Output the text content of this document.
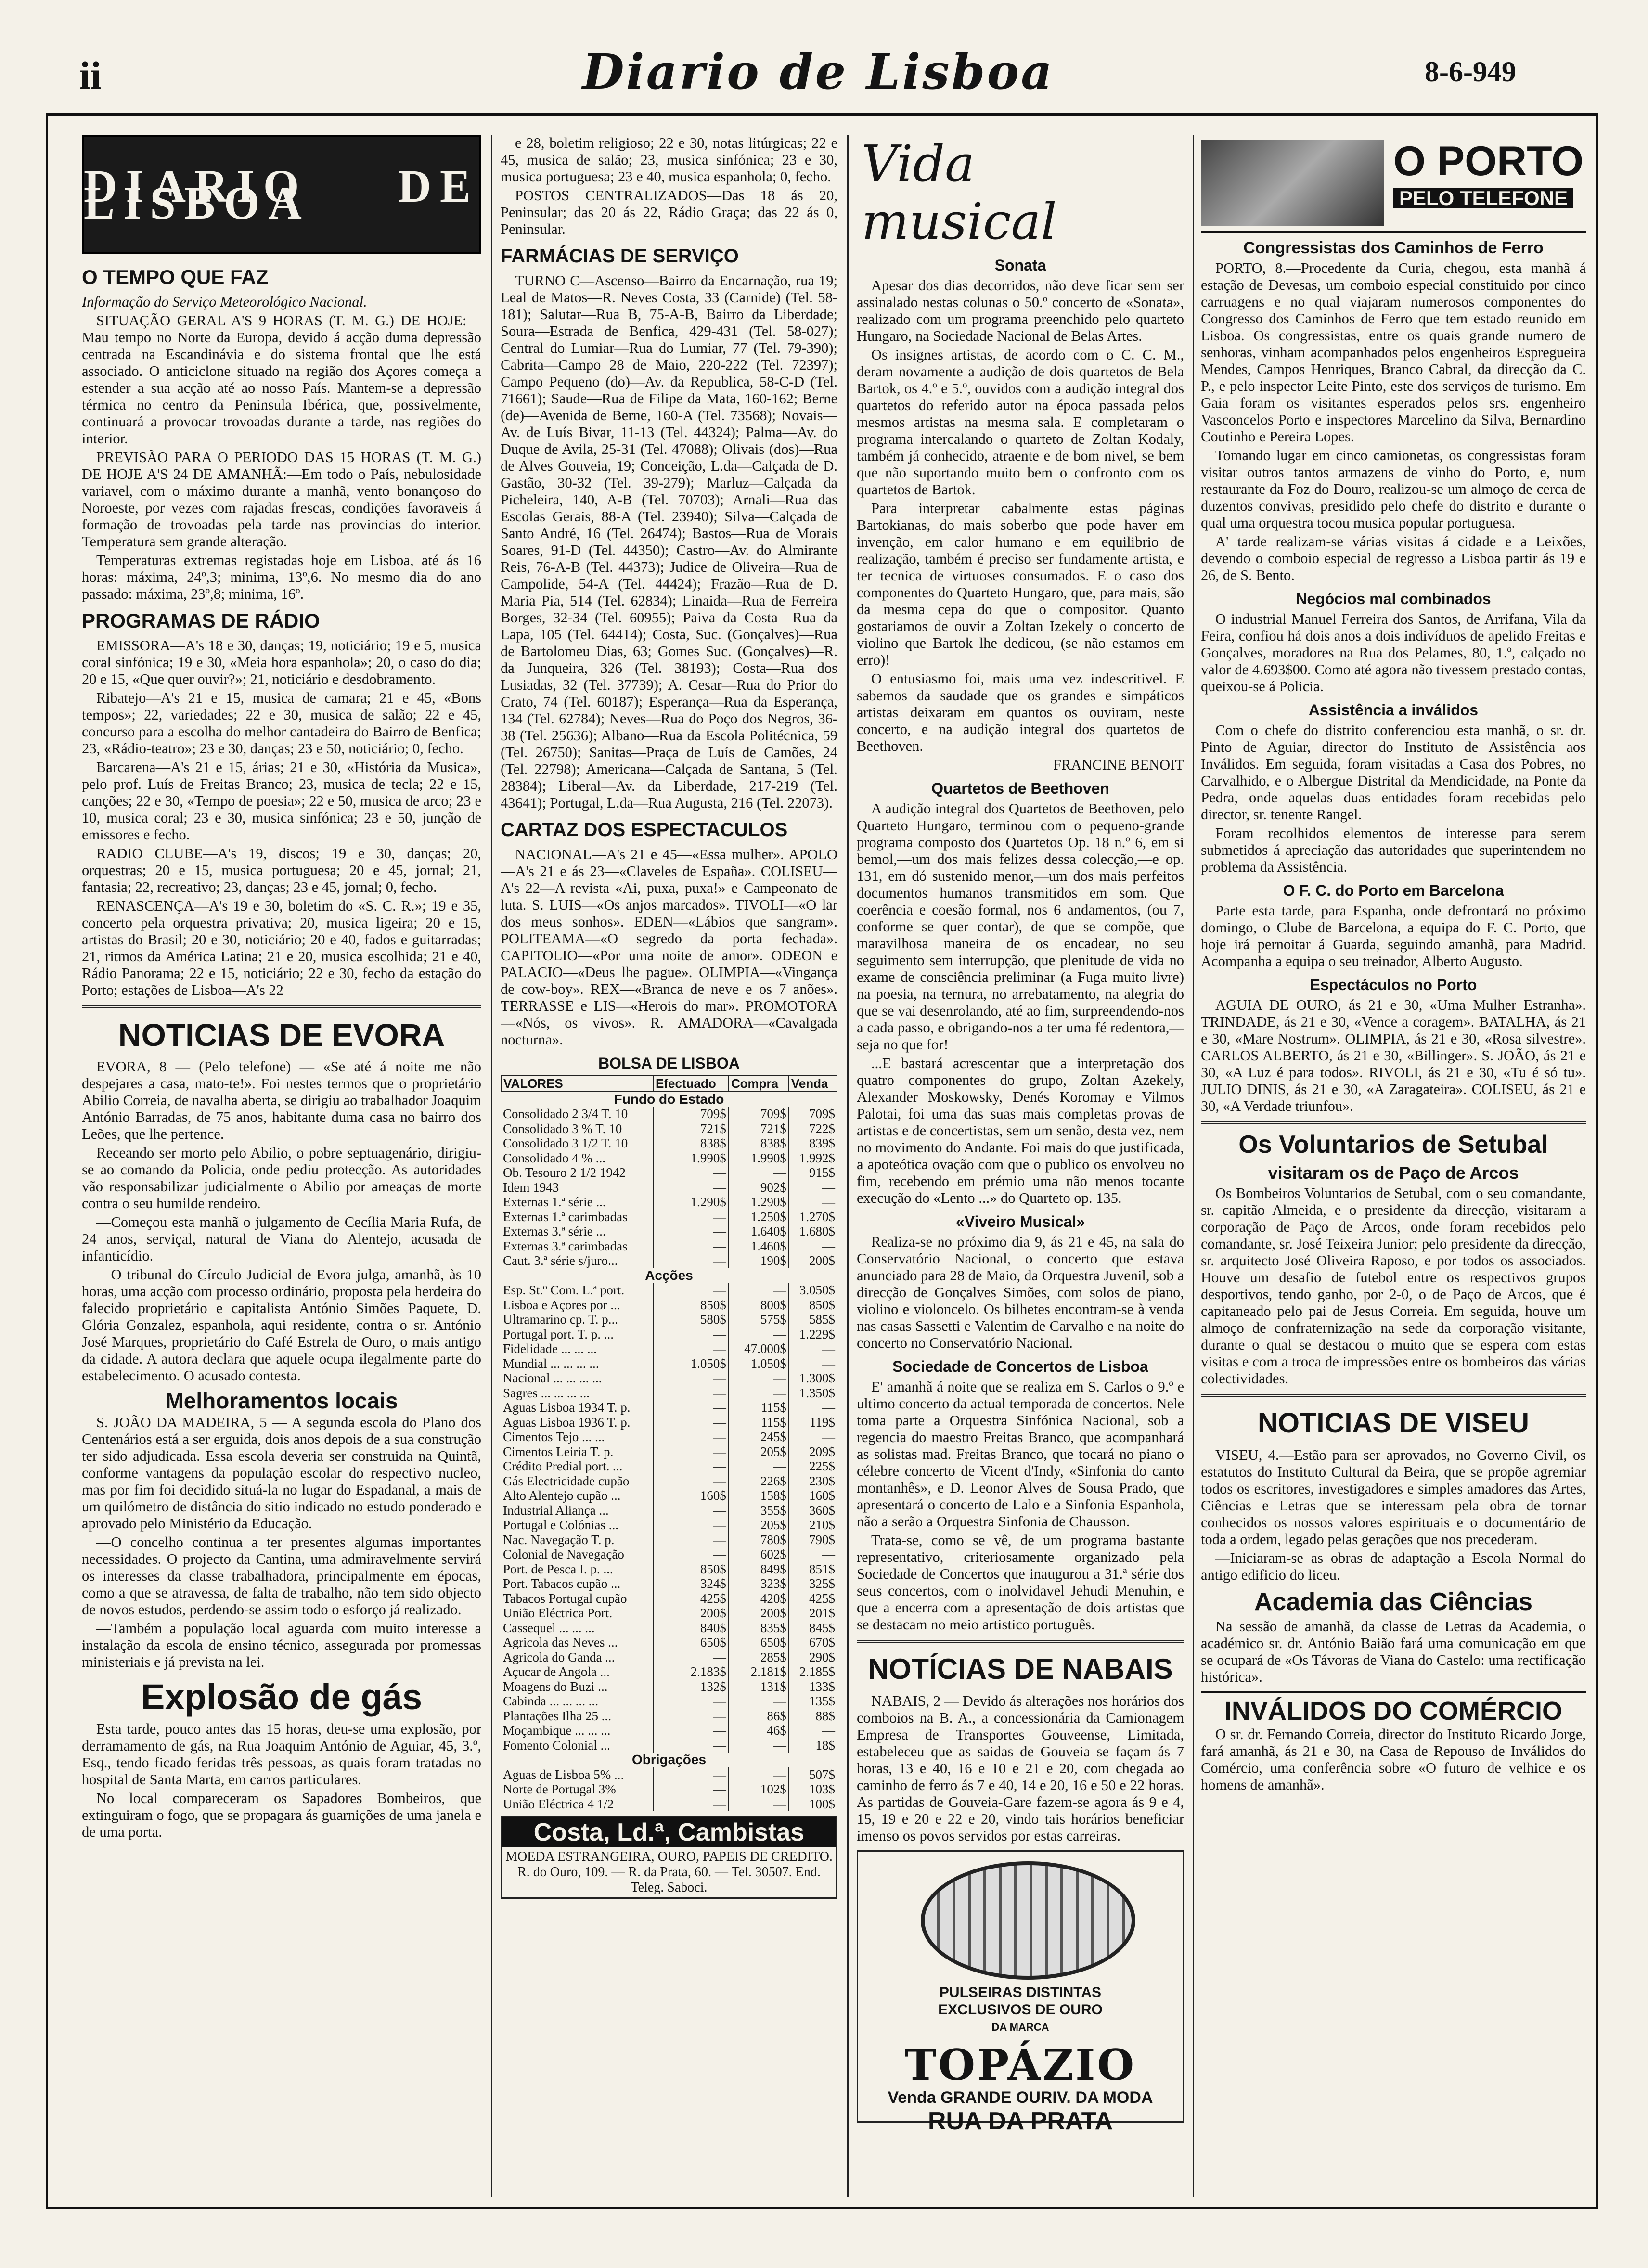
ii	Diario de Lisboa	8-6-949
DIARIO DE LISBOA
O TEMPO QUE FAZ

Informação do Serviço Meteorológico Nacional.

SITUAÇÃO GERAL A'S 9 HORAS (T. M. G.) DE HOJE:—Mau tempo no Norte da Europa, devido á acção duma depressão centrada na Escandinávia e do sistema frontal que lhe está associado. O anticiclone situado na região dos Açores começa a estender a sua acção até ao nosso País. Mantem-se a depressão térmica no centro da Peninsula Ibérica, que, possivelmente, continuará a provocar trovoadas durante a tarde, nas regiões do interior.

PREVISÃO PARA O PERIODO DAS 15 HORAS (T. M. G.) DE HOJE A'S 24 DE AMANHÃ:—Em todo o País, nebulosidade variavel, com o máximo durante a manhã, vento bonançoso do Noroeste, por vezes com rajadas frescas, condições favoraveis á formação de trovoadas pela tarde nas provincias do interior. Temperatura sem grande alteração.

Temperaturas extremas registadas hoje em Lisboa, até ás 16 horas: máxima, 24º,3; minima, 13º,6. No mesmo dia do ano passado: máxima, 23º,8; minima, 16º.

PROGRAMAS DE RÁDIO

EMISSORA—A's 18 e 30, danças; 19, noticiário; 19 e 5, musica coral sinfónica; 19 e 30, «Meia hora espanhola»; 20, o caso do dia; 20 e 15, «Que quer ouvir?»; 21, noticiário e desdobramento.

Ribatejo—A's 21 e 15, musica de camara; 21 e 45, «Bons tempos»; 22, variedades; 22 e 30, musica de salão; 22 e 45, concurso para a escolha do melhor cantadeira do Bairro de Benfica; 23, «Rádio-teatro»; 23 e 30, danças; 23 e 50, noticiário; 0, fecho.

Barcarena—A's 21 e 15, árias; 21 e 30, «História da Musica», pelo prof. Luís de Freitas Branco; 23, musica de tecla; 22 e 15, canções; 22 e 30, «Tempo de poesia»; 22 e 50, musica de arco; 23 e 10, musica coral; 23 e 30, musica sinfónica; 23 e 50, junção de emissores e fecho.

RADIO CLUBE—A's 19, discos; 19 e 30, danças; 20, orquestras; 20 e 15, musica portuguesa; 20 e 45, jornal; 21, fantasia; 22, recreativo; 23, danças; 23 e 45, jornal; 0, fecho.

RENASCENÇA—A's 19 e 30, boletim do «S. C. R.»; 19 e 35, concerto pela orquestra privativa; 20, musica ligeira; 20 e 15, artistas do Brasil; 20 e 30, noticiário; 20 e 40, fados e guitarradas; 21, ritmos da América Latina; 21 e 20, musica escolhida; 21 e 40, Rádio Panorama; 22 e 15, noticiário; 22 e 30, fecho da estação do Porto; estações de Lisboa—A's 22

NOTICIAS DE EVORA

EVORA, 8 — (Pelo telefone) — «Se até á noite me não despejares a casa, mato-te!». Foi nestes termos que o proprietário Abilio Correia, de navalha aberta, se dirigiu ao trabalhador Joaquim António Barradas, de 75 anos, habitante duma casa no bairro dos Leões, que lhe pertence.

Receando ser morto pelo Abilio, o pobre septuagenário, dirigiu-se ao comando da Policia, onde pediu protecção. As autoridades vão responsabilizar judicialmente o Abilio por ameaças de morte contra o seu humilde rendeiro.

—Começou esta manhã o julgamento de Cecília Maria Rufa, de 24 anos, serviçal, natural de Viana do Alentejo, acusada de infanticídio.

—O tribunal do Círculo Judicial de Evora julga, amanhã, às 10 horas, uma acção com processo ordinário, proposta pela herdeira do falecido proprietário e capitalista António Simões Paquete, D. Glória Gonzalez, espanhola, aqui residente, contra o sr. António José Marques, proprietário do Café Estrela de Ouro, o mais antigo da cidade. A autora declara que aquele ocupa ilegalmente parte do estabelecimento. O acusado contesta.

Melhoramentos locais

S. JOÃO DA MADEIRA, 5 — A segunda escola do Plano dos Centenários está a ser erguida, dois anos depois de a sua construção ter sido adjudicada. Essa escola deveria ser construida na Quintã, conforme vantagens da população escolar do respectivo nucleo, mas por fim foi decidido situá-la no lugar do Espadanal, a mais de um quilómetro de distância do sitio indicado no estudo ponderado e aprovado pelo Ministério da Educação.

—O concelho continua a ter presentes algumas importantes necessidades. O projecto da Cantina, uma admiravelmente servirá os interesses da classe trabalhadora, principalmente em épocas, como a que se atravessa, de falta de trabalho, não tem sido objecto de novos estudos, perdendo-se assim todo o esforço já realizado.

—Também a população local aguarda com muito interesse a instalação da escola de ensino técnico, assegurada por promessas ministeriais e já prevista na lei.

Explosão de gás

Esta tarde, pouco antes das 15 horas, deu-se uma explosão, por derramamento de gás, na Rua Joaquim António de Aguiar, 45, 3.º, Esq., tendo ficado feridas três pessoas, as quais foram tratadas no hospital de Santa Marta, em carros particulares.

No local compareceram os Sapadores Bombeiros, que extinguiram o fogo, que se propagara ás guarnições de uma janela e de uma porta.

e 28, boletim religioso; 22 e 30, notas litúrgicas; 22 e 45, musica de salão; 23, musica sinfónica; 23 e 30, musica portuguesa; 23 e 40, musica espanhola; 0, fecho.

POSTOS CENTRALIZADOS—Das 18 ás 20, Peninsular; das 20 ás 22, Rádio Graça; das 22 ás 0, Peninsular.

FARMÁCIAS DE SERVIÇO

TURNO C—Ascenso—Bairro da Encarnação, rua 19; Leal de Matos—R. Neves Costa, 33 (Carnide) (Tel. 58-181); Salutar—Rua B, 75-A-B, Bairro da Liberdade; Soura—Estrada de Benfica, 429-431 (Tel. 58-027); Central do Lumiar—Rua do Lumiar, 77 (Tel. 79-390); Cabrita—Campo 28 de Maio, 220-222 (Tel. 72397); Campo Pequeno (do)—Av. da Republica, 58-C-D (Tel. 71661); Saude—Rua de Filipe da Mata, 160-162; Berne (de)—Avenida de Berne, 160-A (Tel. 73568); Novais—Av. de Luís Bivar, 11-13 (Tel. 44324); Palma—Av. do Duque de Avila, 25-31 (Tel. 47088); Olivais (dos)—Rua de Alves Gouveia, 19; Conceição, L.da—Calçada de D. Gastão, 30-32 (Tel. 39-279); Marluz—Calçada da Picheleira, 140, A-B (Tel. 70703); Arnali—Rua das Escolas Gerais, 88-A (Tel. 23940); Silva—Calçada de Santo André, 16 (Tel. 26474); Bastos—Rua de Morais Soares, 91-D (Tel. 44350); Castro—Av. do Almirante Reis, 76-A-B (Tel. 44373); Judice de Oliveira—Rua de Campolide, 54-A (Tel. 44424); Frazão—Rua de D. Maria Pia, 514 (Tel. 62834); Linaida—Rua de Ferreira Borges, 32-34 (Tel. 60955); Paiva da Costa—Rua da Lapa, 105 (Tel. 64414); Costa, Suc. (Gonçalves)—Rua de Bartolomeu Dias, 63; Gomes Suc. (Gonçalves)—R. da Junqueira, 326 (Tel. 38193); Costa—Rua dos Lusiadas, 32 (Tel. 37739); A. Cesar—Rua do Prior do Crato, 74 (Tel. 60187); Esperança—Rua da Esperança, 134 (Tel. 62784); Neves—Rua do Poço dos Negros, 36-38 (Tel. 25636); Albano—Rua da Escola Politécnica, 59 (Tel. 26750); Sanitas—Praça de Luís de Camões, 24 (Tel. 22798); Americana—Calçada de Santana, 5 (Tel. 28384); Liberal—Av. da Liberdade, 217-219 (Tel. 43641); Portugal, L.da—Rua Augusta, 216 (Tel. 22073).

CARTAZ DOS ESPECTACULOS

NACIONAL—A's 21 e 45—«Essa mulher». APOLO—A's 21 e ás 23—«Claveles de España». COLISEU—A's 22—A revista «Ai, puxa, puxa!» e Campeonato de luta. S. LUIS—«Os anjos marcados». TIVOLI—«O lar dos meus sonhos». EDEN—«Lábios que sangram». POLITEAMA—«O segredo da porta fechada». CAPITOLIO—«Por uma noite de amor». ODEON e PALACIO—«Deus lhe pague». OLIMPIA—«Vingança de cow-boy». REX—«Branca de neve e os 7 anões». TERRASSE e LIS—«Herois do mar». PROMOTORA—«Nós, os vivos». R. AMADORA—«Cavalgada nocturna».

BOLSA DE LISBOA
VALORES	Efectuado	Compra	Venda
Fundo do Estado			
Consolidado 2 3/4 T. 10	709$	709$	709$
Consolidado 3 % T. 10	721$	721$	722$
Consolidado 3 1/2 T. 10	838$	838$	839$
Consolidado 4 % ...	1.990$	1.990$	1.992$
Ob. Tesouro 2 1/2 1942	—	—	915$
Idem 1943	—	902$	—
Externas 1.ª série ...	1.290$	1.290$	—
Externas 1.ª carimbadas	—	1.250$	1.270$
Externas 3.ª série ...	—	1.640$	1.680$
Externas 3.ª carimbadas	—	1.460$	—
Caut. 3.ª série s/juro...	—	190$	200$
Acções			
Esp. St.º Com. L.ª port.	—	—	3.050$
Lisboa e Açores por ...	850$	800$	850$
Ultramarino cp. T. p...	580$	575$	585$
Portugal port. T. p. ...	—	—	1.229$
Fidelidade ... ... ...	—	47.000$	—
Mundial ... ... ... ...	1.050$	1.050$	—
Nacional ... ... ... ...	—	—	1.300$
Sagres ... ... ... ...	—	—	1.350$
Aguas Lisboa 1934 T. p.	—	115$	—
Aguas Lisboa 1936 T. p.	—	115$	119$
Cimentos Tejo ... ...	—	245$	—
Cimentos Leiria T. p.	—	205$	209$
Crédito Predial port. ...	—	—	225$
Gás Electricidade cupão	—	226$	230$
Alto Alentejo cupão ...	160$	158$	160$
Industrial Aliança ...	—	355$	360$
Portugal e Colónias ...	—	205$	210$
Nac. Navegação T. p.	—	780$	790$
Colonial de Navegação	—	602$	—
Port. de Pesca I. p. ...	850$	849$	851$
Port. Tabacos cupão ...	324$	323$	325$
Tabacos Portugal cupão	425$	420$	425$
União Eléctrica Port.	200$	200$	201$
Cassequel ... ... ...	840$	835$	845$
Agricola das Neves ...	650$	650$	670$
Agricola do Ganda ...	—	285$	290$
Açucar de Angola ...	2.183$	2.181$	2.185$
Moagens do Buzi ...	132$	131$	133$
Cabinda ... ... ... ...	—	—	135$
Plantações Ilha 25 ...	—	86$	88$
Moçambique ... ... ...	—	46$	—
Fomento Colonial ...	—	—	18$
Obrigações			
Aguas de Lisboa 5% ...	—	—	507$
Norte de Portugal 3%	—	102$	103$
União Eléctrica 4 1/2	—	—	100$
Costa, Ld.ª, Cambistas
MOEDA ESTRANGEIRA, OURO, PAPEIS DE CREDITO. R. do Ouro, 109. — R. da Prata, 60. — Tel. 30507. End. Teleg. Saboci.
Vida musical
Sonata

Apesar dos dias decorridos, não deve ficar sem ser assinalado nestas colunas o 50.º concerto de «Sonata», realizado com um programa preenchido pelo quarteto Hungaro, na Sociedade Nacional de Belas Artes.

Os insignes artistas, de acordo com o C. C. M., deram novamente a audição de dois quartetos de Bela Bartok, os 4.º e 5.º, ouvidos com a audição integral dos quartetos do referido autor na época passada pelos mesmos artistas na mesma sala. E completaram o programa intercalando o quarteto de Zoltan Kodaly, também já conhecido, atraente e de bom nivel, se bem que não suportando muito bem o confronto com os quartetos de Bartok.

Para interpretar cabalmente estas páginas Bartokianas, do mais soberbo que pode haver em invenção, em calor humano e em equilibrio de realização, também é preciso ser fundamente artista, e ter tecnica de virtuoses consumados. E o caso dos componentes do Quarteto Hungaro, que, para mais, são da mesma cepa do que o compositor. Quanto gostariamos de ouvir a Zoltan Izekely o concerto de violino que Bartok lhe dedicou, (se não estamos em erro)!

O entusiasmo foi, mais uma vez indescritivel. E sabemos da saudade que os grandes e simpáticos artistas deixaram em quantos os ouviram, neste concerto, e na audição integral dos quartetos de Beethoven.

FRANCINE BENOIT

Quartetos de Beethoven

A audição integral dos Quartetos de Beethoven, pelo Quarteto Hungaro, terminou com o pequeno-grande programa composto dos Quartetos Op. 18 n.º 6, em si bemol,—um dos mais felizes dessa colecção,—e op. 131, em dó sustenido menor,—um dos mais perfeitos documentos humanos transmitidos em som. Que coerência e coesão formal, nos 6 andamentos, (ou 7, conforme se quer contar), de que se compõe, que maravilhosa maneira de os encadear, no seu seguimento sem interrupção, que plenitude de vida no exame de consciência preliminar (a Fuga muito livre) na poesia, na ternura, no arrebatamento, na alegria do que se vai desenrolando, até ao fim, surpreendendo-nos a cada passo, e obrigando-nos a ter uma fé redentora,—seja no que for!

...E bastará acrescentar que a interpretação dos quatro componentes do grupo, Zoltan Azekely, Alexander Moskowsky, Denés Koromay e Vilmos Palotai, foi uma das suas mais completas provas de artistas e de concertistas, sem um senão, desta vez, nem no movimento do Andante. Foi mais do que justificada, a apoteótica ovação com que o publico os envolveu no fim, recebendo em prémio uma não menos tocante execução do «Lento ...» do Quarteto op. 135.

«Viveiro Musical»

Realiza-se no próximo dia 9, ás 21 e 45, na sala do Conservatório Nacional, o concerto que estava anunciado para 28 de Maio, da Orquestra Juvenil, sob a direcção de Gonçalves Simões, com solos de piano, violino e violoncelo. Os bilhetes encontram-se à venda nas casas Sassetti e Valentim de Carvalho e na noite do concerto no Conservatório Nacional.

Sociedade de Concertos de Lisboa

E' amanhã á noite que se realiza em S. Carlos o 9.º e ultimo concerto da actual temporada de concertos. Nele toma parte a Orquestra Sinfónica Nacional, sob a regencia do maestro Freitas Branco, que acompanhará as solistas mad. Freitas Branco, que tocará no piano o célebre concerto de Vicent d'Indy, «Sinfonia do canto montanhês», e D. Leonor Alves de Sousa Prado, que apresentará o concerto de Lalo e a Sinfonia Espanhola, não a serão a Orquestra Sinfonia de Chausson.

Trata-se, como se vê, de um programa bastante representativo, criteriosamente organizado pela Sociedade de Concertos que inaugurou a 31.ª série dos seus concertos, com o inolvidavel Jehudi Menuhin, e que a encerra com a apresentação de dois artistas que se destacam no meio artistico português.

NOTÍCIAS DE NABAIS

NABAIS, 2 — Devido ás alterações nos horários dos comboios na B. A., a concessionária da Camionagem Empresa de Transportes Gouveense, Limitada, estabeleceu que as saidas de Gouveia se façam ás 7 horas, 13 e 40, 16 e 10 e 21 e 20, com chegada ao caminho de ferro ás 7 e 40, 14 e 20, 16 e 50 e 22 horas. As partidas de Gouveia-Gare fazem-se agora ás 9 e 4, 15, 19 e 20 e 22 e 20, vindo tais horários beneficiar imenso os povos servidos por estas carreiras.

PULSEIRAS DISTINTAS
EXCLUSIVOS DE OURO
DA MARCA
TOPÁZIO
Venda GRANDE OURIV. DA MODA
RUA DA PRATA
O PORTO
PELO TELEFONE
Congressistas dos Caminhos de Ferro

PORTO, 8.—Procedente da Curia, chegou, esta manhã á estação de Devesas, um comboio especial constituido por cinco carruagens e no qual viajaram numerosos componentes do Congresso dos Caminhos de Ferro que tem estado reunido em Lisboa. Os congressistas, entre os quais grande numero de senhoras, vinham acompanhados pelos engenheiros Espregueira Mendes, Campos Henriques, Branco Cabral, da direcção da C. P., e pelo inspector Leite Pinto, este dos serviços de turismo. Em Gaia foram os visitantes esperados pelos srs. engenheiro Vasconcelos Porto e inspectores Marcelino da Silva, Bernardino Coutinho e Pereira Lopes.

Tomando lugar em cinco camionetas, os congressistas foram visitar outros tantos armazens de vinho do Porto, e, num restaurante da Foz do Douro, realizou-se um almoço de cerca de duzentos convivas, presidido pelo chefe do distrito e durante o qual uma orquestra tocou musica popular portuguesa.

A' tarde realizam-se várias visitas á cidade e a Leixões, devendo o comboio especial de regresso a Lisboa partir ás 19 e 26, de S. Bento.

Negócios mal combinados

O industrial Manuel Ferreira dos Santos, de Arrifana, Vila da Feira, confiou há dois anos a dois indivíduos de apelido Freitas e Gonçalves, moradores na Rua dos Pelames, 80, 1.º, calçado no valor de 4.693$00. Como até agora não tivessem prestado contas, queixou-se á Policia.

Assistência a inválidos

Com o chefe do distrito conferenciou esta manhã, o sr. dr. Pinto de Aguiar, director do Instituto de Assistência aos Inválidos. Em seguida, foram visitadas a Casa dos Pobres, no Carvalhido, e o Albergue Distrital da Mendicidade, na Ponte da Pedra, onde aquelas duas entidades foram recebidas pelo director, sr. tenente Rangel.

Foram recolhidos elementos de interesse para serem submetidos á apreciação das autoridades que superintendem no problema da Assistência.

O F. C. do Porto em Barcelona

Parte esta tarde, para Espanha, onde defrontará no próximo domingo, o Clube de Barcelona, a equipa do F. C. Porto, que hoje irá pernoitar á Guarda, seguindo amanhã, para Madrid. Acompanha a equipa o seu treinador, Alberto Augusto.

Espectáculos no Porto

AGUIA DE OURO, ás 21 e 30, «Uma Mulher Estranha». TRINDADE, ás 21 e 30, «Vence a coragem». BATALHA, ás 21 e 30, «Mare Nostrum». OLIMPIA, ás 21 e 30, «Rosa silvestre». CARLOS ALBERTO, ás 21 e 30, «Billinger». S. JOÃO, ás 21 e 30, «A Luz é para todos». RIVOLI, ás 21 e 30, «Tu é só tu». JULIO DINIS, ás 21 e 30, «A Zaragateira». COLISEU, ás 21 e 30, «A Verdade triunfou».

Os Voluntarios de Setubal
visitaram os de Paço de Arcos

Os Bombeiros Voluntarios de Setubal, com o seu comandante, sr. capitão Almeida, e o presidente da direcção, visitaram a corporação de Paço de Arcos, onde foram recebidos pelo comandante, sr. José Teixeira Junior; pelo presidente da direcção, sr. arquitecto José Oliveira Raposo, e por todos os associados. Houve um desafio de futebol entre os respectivos grupos desportivos, tendo ganho, por 2-0, o de Paço de Arcos, que é capitaneado pelo pai de Jesus Correia. Em seguida, houve um almoço de confraternização na sede da corporação visitante, durante o qual se destacou o muito que se espera com estas visitas e com a troca de impressões entre os bombeiros das várias colectividades.

NOTICIAS DE VISEU

VISEU, 4.—Estão para ser aprovados, no Governo Civil, os estatutos do Instituto Cultural da Beira, que se propõe agremiar todos os escritores, investigadores e simples amadores das Artes, Ciências e Letras que se interessam pela obra de tornar conhecidos os nossos valores espirituais e o documentário de toda a ordem, legado pelas gerações que nos precederam.

—Iniciaram-se as obras de adaptação a Escola Normal do antigo edificio do liceu.

Academia das Ciências

Na sessão de amanhã, da classe de Letras da Academia, o académico sr. dr. António Baião fará uma comunicação em que se ocupará de «Os Távoras de Viana do Castelo: uma rectificação histórica».

INVÁLIDOS DO COMÉRCIO

O sr. dr. Fernando Correia, director do Instituto Ricardo Jorge, fará amanhã, ás 21 e 30, na Casa de Repouso de Inválidos do Comércio, uma conferência sobre «O futuro de velhice e os homens de amanhã».
